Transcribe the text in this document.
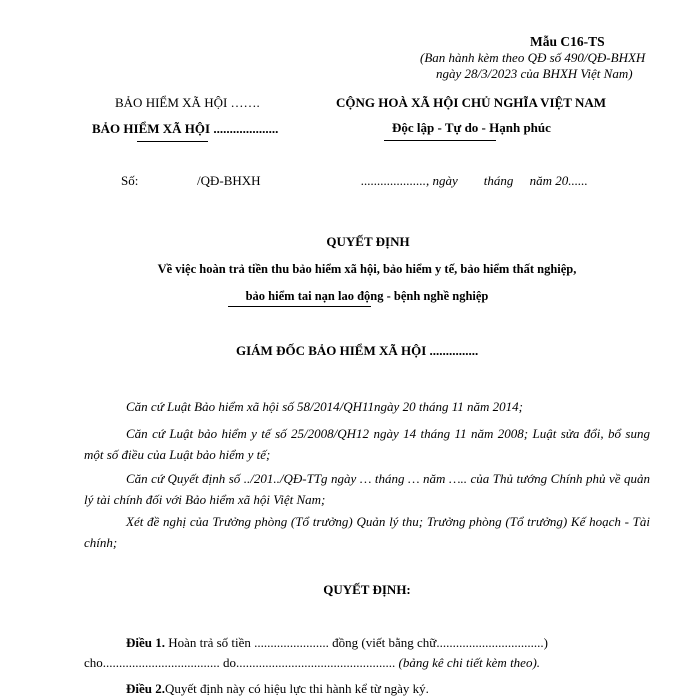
Mẫu C16-TS
(Ban hành kèm theo QĐ số 490/QĐ-BHXH
ngày 28/3/2023 của BHXH Việt Nam)
BẢO HIỂM XÃ HỘI …….
BẢO HIỂM XÃ HỘI ....................
CỘNG HOÀ XÃ HỘI CHỦ NGHĨA VIỆT NAM
Độc lập - Tự do - Hạnh phúc
Số:	/QĐ-BHXH	...................., ngày        tháng     năm 20......
QUYẾT ĐỊNH
Về việc hoàn trả tiền thu bảo hiểm xã hội, bảo hiểm y tế, bảo hiểm thất nghiệp,
bảo hiểm tai nạn lao động - bệnh nghề nghiệp
GIÁM ĐỐC BẢO HIỂM XÃ HỘI ...............
Căn cứ Luật Bảo hiểm xã hội số 58/2014/QH11ngày 20 tháng 11 năm 2014;
Căn cứ Luật bảo hiểm y tế số 25/2008/QH12 ngày 14 tháng 11 năm 2008; Luật sửa đổi, bổ sung một số điều của Luật bảo hiểm y tế;
Căn cứ Quyết định số ../201../QĐ-TTg ngày … tháng … năm ….. của Thủ tướng Chính phủ về quản lý tài chính đối với Bảo hiểm xã hội Việt Nam;
Xét đề nghị của Trưởng phòng (Tổ trưởng) Quản lý thu; Trưởng phòng (Tổ trưởng) Kế hoạch - Tài chính;
QUYẾT ĐỊNH:
Điều 1. Hoàn trả số tiền ....................... đồng (viết bằng chữ.................................)
cho.................................... do................................................. (bảng kê chi tiết kèm theo).
Điều 2.Quyết định này có hiệu lực thi hành kể từ ngày ký.
